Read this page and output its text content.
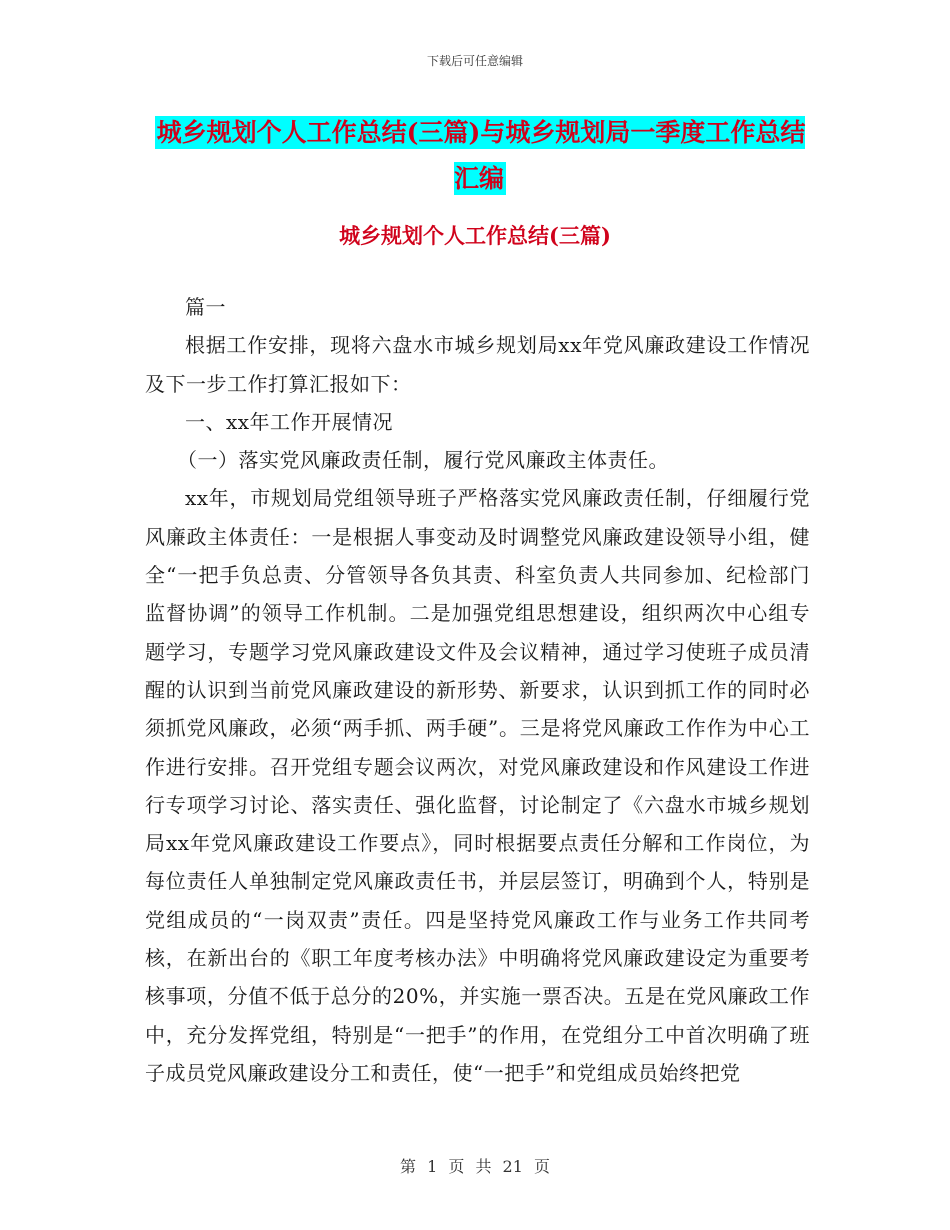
下载后可任意编辑
城乡规划个人工作总结(三篇)与城乡规划局一季度工作总结汇编
城乡规划个人工作总结(三篇)

篇一

根据工作安排，现将六盘水市城乡规划局xx年党风廉政建设工作情况及下一步工作打算汇报如下：

一、xx年工作开展情况

（一）落实党风廉政责任制，履行党风廉政主体责任。

xx年，市规划局党组领导班子严格落实党风廉政责任制，仔细履行党风廉政主体责任：一是根据人事变动及时调整党风廉政建设领导小组，健全“一把手负总责、分管领导各负其责、科室负责人共同参加、纪检部门监督协调”的领导工作机制。二是加强党组思想建设，组织两次中心组专题学习，专题学习党风廉政建设文件及会议精神，通过学习使班子成员清醒的认识到当前党风廉政建设的新形势、新要求，认识到抓工作的同时必须抓党风廉政，必须“两手抓、两手硬”。三是将党风廉政工作作为中心工作进行安排。召开党组专题会议两次，对党风廉政建设和作风建设工作进行专项学习讨论、落实责任、强化监督，讨论制定了《六盘水市城乡规划局xx年党风廉政建设工作要点》，同时根据要点责任分解和工作岗位，为每位责任人单独制定党风廉政责任书，并层层签订，明确到个人，特别是党组成员的“一岗双责”责任。四是坚持党风廉政工作与业务工作共同考核，在新出台的《职工年度考核办法》中明确将党风廉政建设定为重要考核事项，分值不低于总分的20%，并实施一票否决。五是在党风廉政工作中，充分发挥党组，特别是“一把手”的作用，在党组分工中首次明确了班子成员党风廉政建设分工和责任，使“一把手”和党组成员始终把党

第 1 页 共 21 页
